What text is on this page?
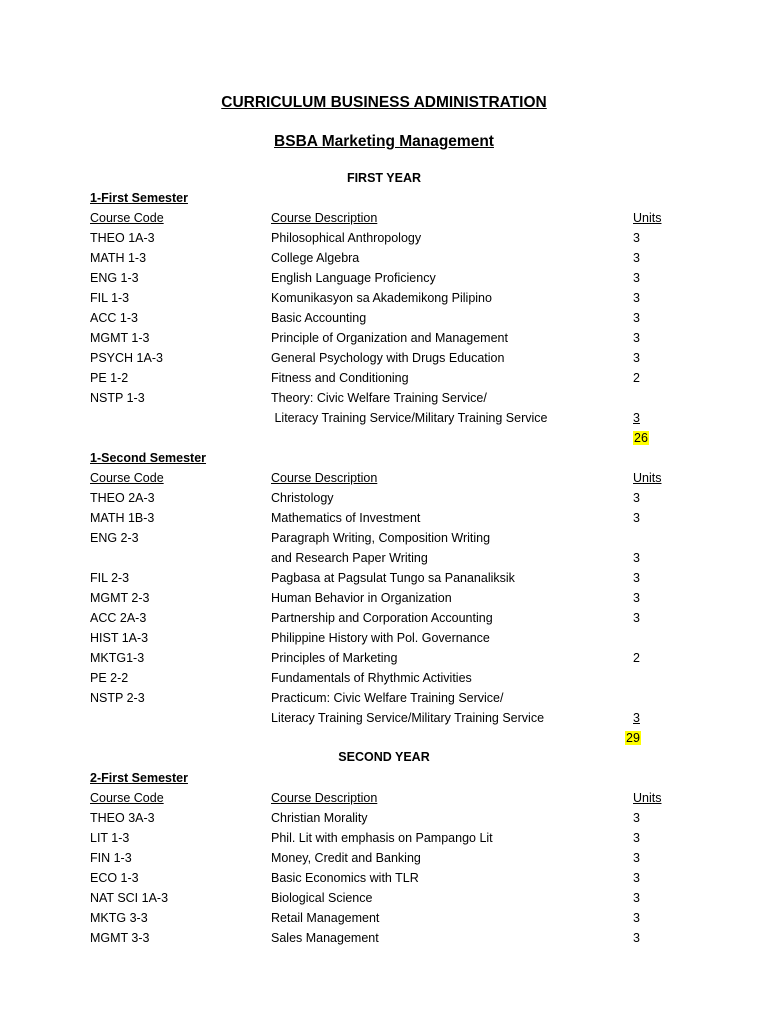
CURRICULUM BUSINESS ADMINISTRATION
BSBA Marketing Management
FIRST YEAR
1-First Semester
Course Code	Course Description	Units
THEO 1A-3	Philosophical Anthropology	3
MATH 1-3	College Algebra	3
ENG 1-3	English Language Proficiency	3
FIL 1-3	Komunikasyon sa Akademikong Pilipino	3
ACC 1-3	Basic Accounting	3
MGMT 1-3	Principle of Organization and Management	3
PSYCH 1A-3	General Psychology with Drugs Education	3
PE 1-2	Fitness and Conditioning	2
NSTP 1-3	Theory: Civic Welfare Training Service/
Literacy Training Service/Military Training Service	3
26
1-Second Semester
Course Code	Course Description	Units
THEO 2A-3	Christology	3
MATH 1B-3	Mathematics of Investment	3
ENG 2-3	Paragraph Writing, Composition Writing
and Research Paper Writing	3
FIL 2-3	Pagbasa at Pagsulat Tungo sa Pananaliksik	3
MGMT 2-3	Human Behavior in Organization	3
ACC 2A-3	Partnership and Corporation Accounting	3
HIST 1A-3	Philippine History with Pol. Governance
MKTG1-3	Principles of Marketing	2
PE 2-2	Fundamentals of Rhythmic Activities
NSTP 2-3	Practicum: Civic Welfare Training Service/
Literacy Training Service/Military Training Service	3
29
SECOND YEAR
2-First Semester
Course Code	Course Description	Units
THEO 3A-3	Christian Morality	3
LIT 1-3	Phil. Lit with emphasis on Pampango Lit	3
FIN 1-3	Money, Credit and Banking	3
ECO 1-3	Basic Economics with TLR	3
NAT SCI 1A-3	Biological Science	3
MKTG 3-3	Retail Management	3
MGMT 3-3	Sales Management	3
